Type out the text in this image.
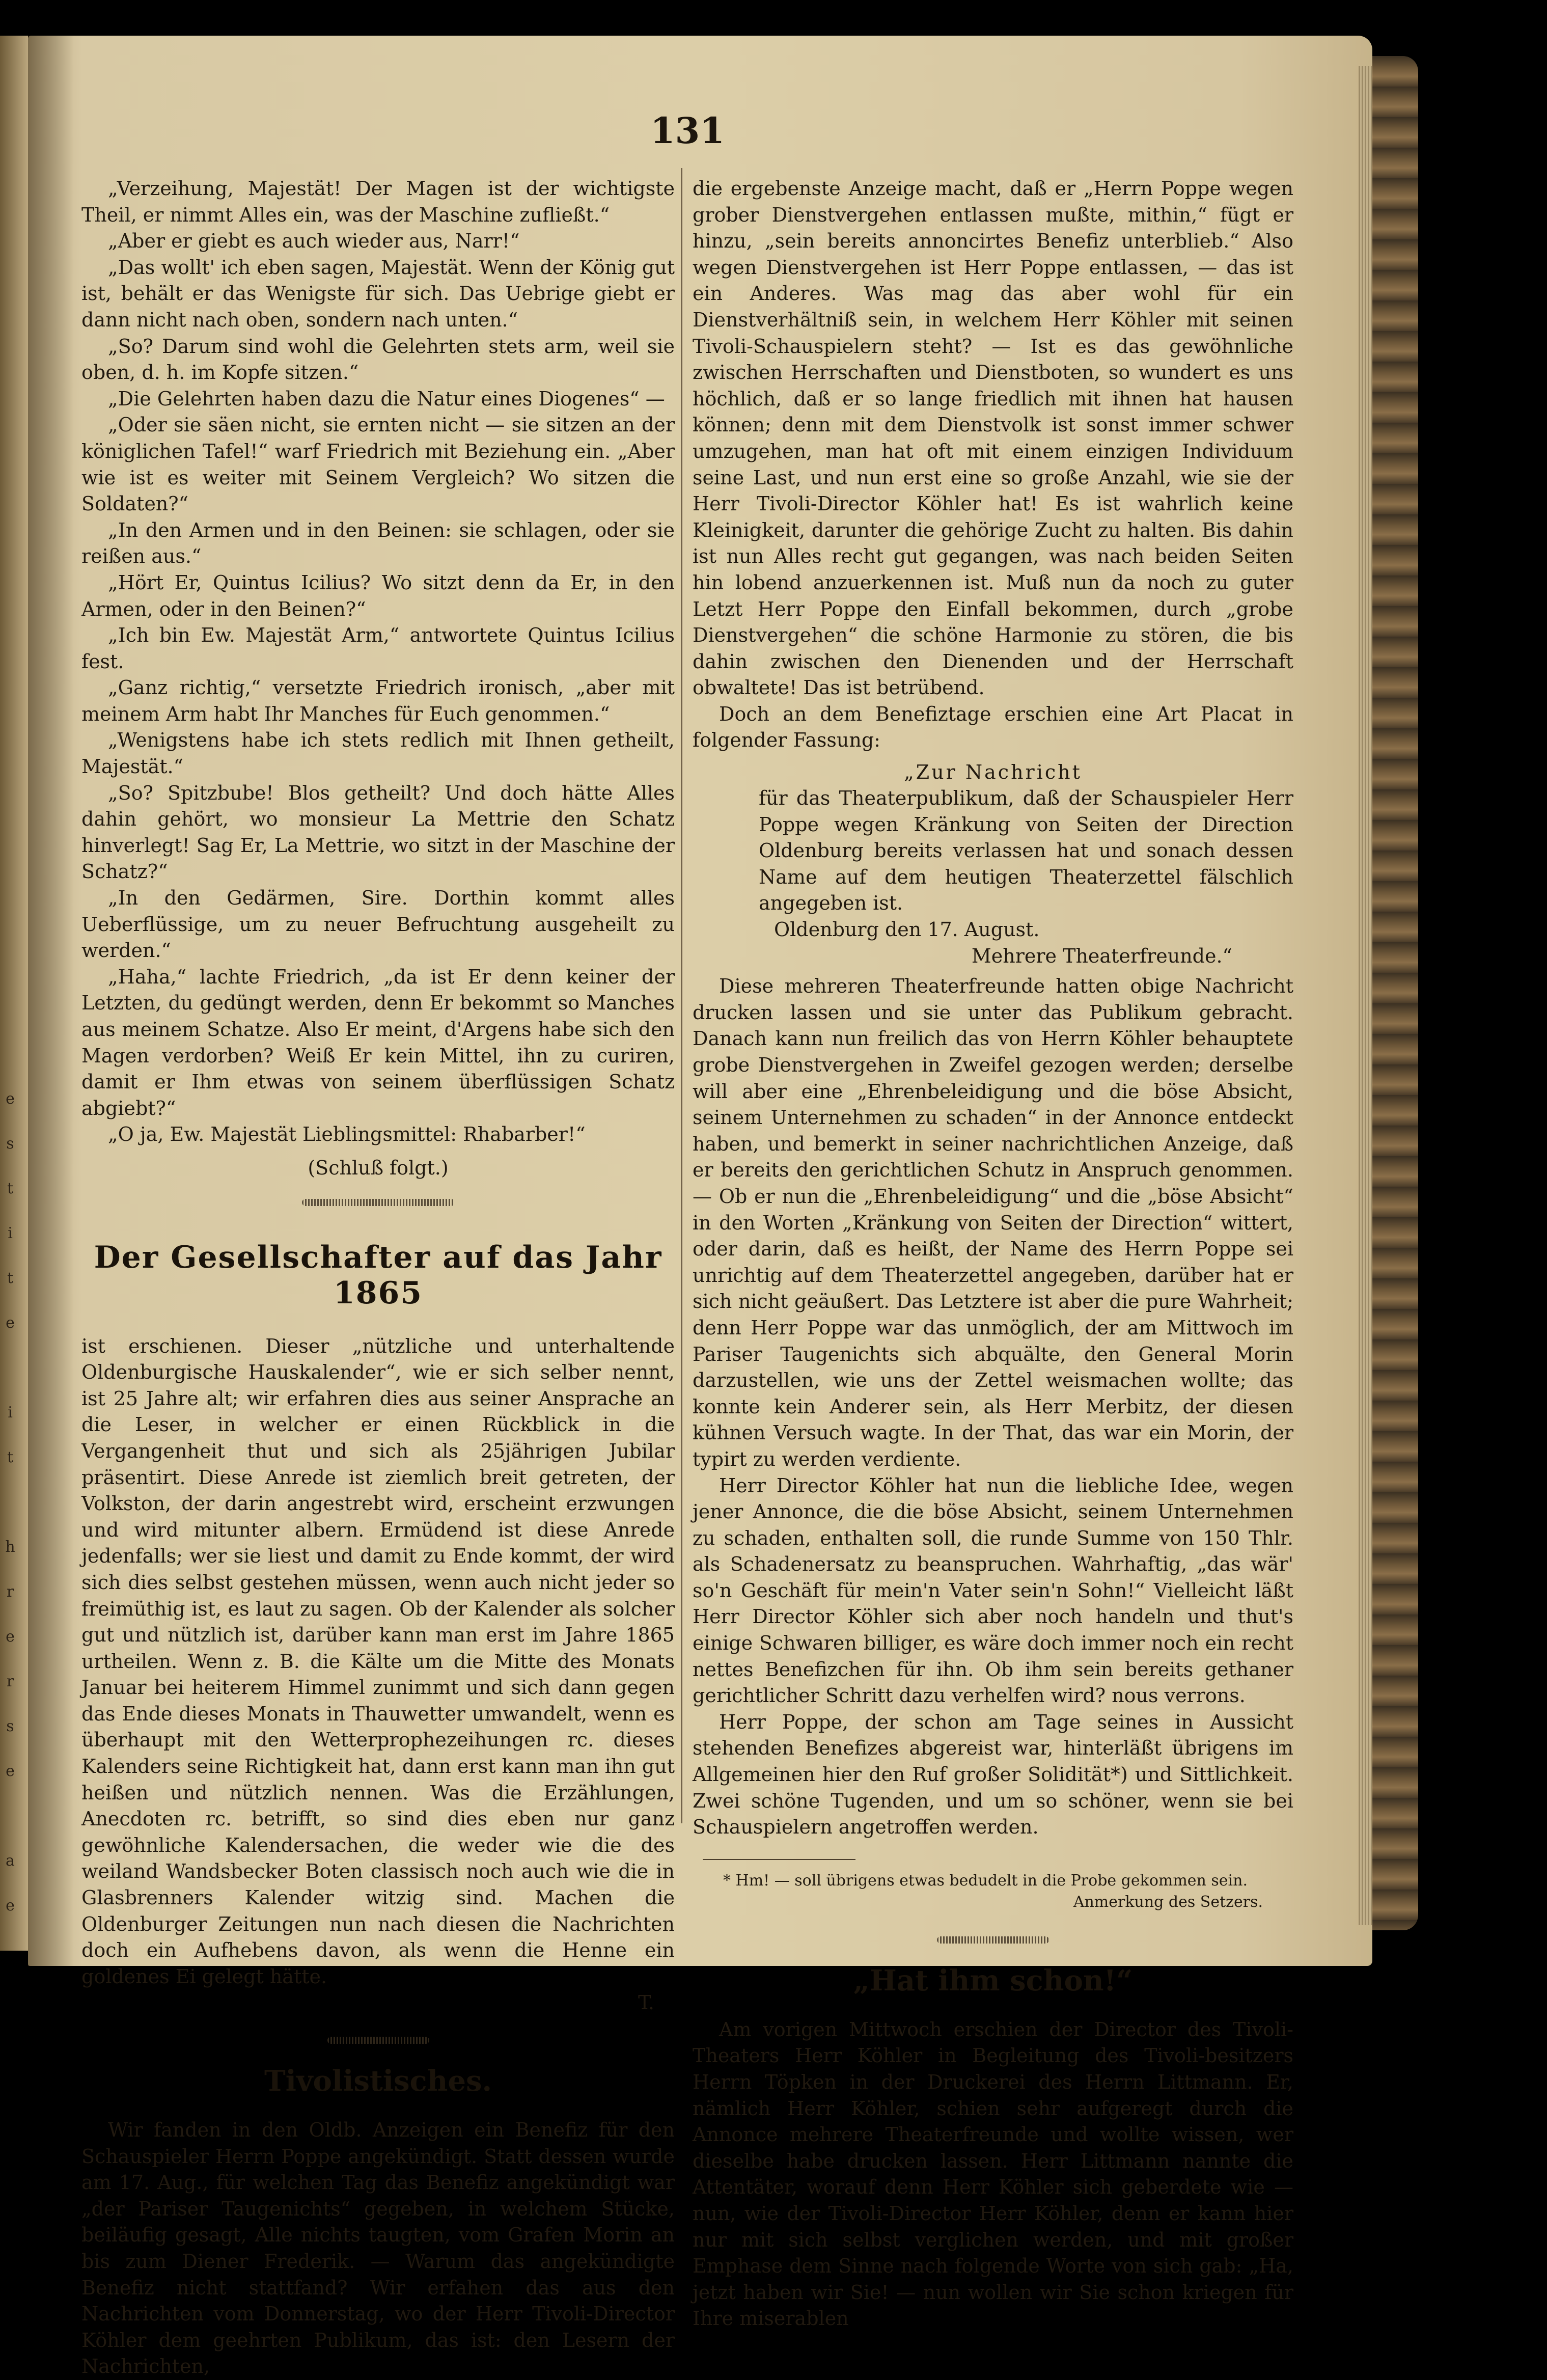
e
s
t
i
t
e
i
t
h
r
e
r
s
e
a
e
131

„Verzeihung, Majestät! Der Magen ist der wichtigste Theil, er nimmt Alles ein, was der Maschine zufließt.“

„Aber er giebt es auch wieder aus, Narr!“

„Das wollt' ich eben sagen, Majestät. Wenn der König gut ist, behält er das Wenigste für sich. Das Uebrige giebt er dann nicht nach oben, sondern nach unten.“

„So? Darum sind wohl die Gelehrten stets arm, weil sie oben, d. h. im Kopfe sitzen.“

„Die Gelehrten haben dazu die Natur eines Diogenes“ —

„Oder sie säen nicht, sie ernten nicht — sie sitzen an der königlichen Tafel!“ warf Friedrich mit Beziehung ein. „Aber wie ist es weiter mit Seinem Vergleich? Wo sitzen die Soldaten?“

„In den Armen und in den Beinen: sie schlagen, oder sie reißen aus.“

„Hört Er, Quintus Icilius? Wo sitzt denn da Er, in den Armen, oder in den Beinen?“

„Ich bin Ew. Majestät Arm,“ antwortete Quintus Icilius fest.

„Ganz richtig,“ versetzte Friedrich ironisch, „aber mit meinem Arm habt Ihr Manches für Euch genommen.“

„Wenigstens habe ich stets redlich mit Ihnen getheilt, Majestät.“

„So? Spitzbube! Blos getheilt? Und doch hätte Alles dahin gehört, wo monsieur La Mettrie den Schatz hinverlegt! Sag Er, La Mettrie, wo sitzt in der Maschine der Schatz?“

„In den Gedärmen, Sire. Dorthin kommt alles Ueberflüssige, um zu neuer Befruchtung ausgeheilt zu werden.“

„Haha,“ lachte Friedrich, „da ist Er denn keiner der Letzten, du gedüngt werden, denn Er bekommt so Manches aus meinem Schatze. Also Er meint, d'Argens habe sich den Magen verdorben? Weiß Er kein Mittel, ihn zu curiren, damit er Ihm etwas von seinem überflüssigen Schatz abgiebt?“

„O ja, Ew. Majestät Lieblingsmittel: Rhabarber!“

(Schluß folgt.)

Der Gesellschafter auf das Jahr 1865

ist erschienen. Dieser „nützliche und unterhaltende Oldenburgische Hauskalender“, wie er sich selber nennt, ist 25 Jahre alt; wir erfahren dies aus seiner Ansprache an die Leser, in welcher er einen Rückblick in die Vergangenheit thut und sich als 25jährigen Jubilar präsentirt. Diese Anrede ist ziemlich breit getreten, der Volkston, der darin angestrebt wird, erscheint erzwungen und wird mitunter albern. Ermüdend ist diese Anrede jedenfalls; wer sie liest und damit zu Ende kommt, der wird sich dies selbst gestehen müssen, wenn auch nicht jeder so freimüthig ist, es laut zu sagen. Ob der Kalender als solcher gut und nützlich ist, darüber kann man erst im Jahre 1865 urtheilen. Wenn z. B. die Kälte um die Mitte des Monats Januar bei heiterem Himmel zunimmt und sich dann gegen das Ende dieses Monats in Thauwetter umwandelt, wenn es überhaupt mit den Wetterprophezeihungen rc. dieses Kalenders seine Richtigkeit hat, dann erst kann man ihn gut heißen und nützlich nennen. Was die Erzählungen, Anecdoten rc. betrifft, so sind dies eben nur ganz gewöhnliche Kalendersachen, die weder wie die des weiland Wandsbecker Boten classisch noch auch wie die in Glasbrenners Kalender witzig sind. Machen die Oldenburger Zeitungen nun nach diesen die Nachrichten doch ein Aufhebens davon, als wenn die Henne ein goldenes Ei gelegt hätte.

T.

Tivolistisches.

Wir fanden in den Oldb. Anzeigen ein Benefiz für den Schauspieler Herrn Poppe angekündigt. Statt dessen wurde am 17. Aug., für welchen Tag das Benefiz angekündigt war „der Pariser Taugenichts“ gegeben, in welchem Stücke, beiläufig gesagt, Alle nichts taugten, vom Grafen Morin an bis zum Diener Frederik. — Warum das angekündigte Benefiz nicht stattfand? Wir erfahen das aus den Nachrichten vom Donnerstag, wo der Herr Tivoli-Director Köhler dem geehrten Publikum, das ist: den Lesern der Nachrichten,

die ergebenste Anzeige macht, daß er „Herrn Poppe wegen grober Dienstvergehen entlassen mußte, mithin,“ fügt er hinzu, „sein bereits annoncirtes Benefiz unterblieb.“ Also wegen Dienstvergehen ist Herr Poppe entlassen, — das ist ein Anderes. Was mag das aber wohl für ein Dienstverhältniß sein, in welchem Herr Köhler mit seinen Tivoli-Schauspielern steht? — Ist es das gewöhnliche zwischen Herrschaften und Dienstboten, so wundert es uns höchlich, daß er so lange friedlich mit ihnen hat hausen können; denn mit dem Dienstvolk ist sonst immer schwer umzugehen, man hat oft mit einem einzigen Individuum seine Last, und nun erst eine so große Anzahl, wie sie der Herr Tivoli-Director Köhler hat! Es ist wahrlich keine Kleinigkeit, darunter die gehörige Zucht zu halten. Bis dahin ist nun Alles recht gut gegangen, was nach beiden Seiten hin lobend anzuerkennen ist. Muß nun da noch zu guter Letzt Herr Poppe den Einfall bekommen, durch „grobe Dienstvergehen“ die schöne Harmonie zu stören, die bis dahin zwischen den Dienenden und der Herrschaft obwaltete! Das ist betrübend.

Doch an dem Benefiztage erschien eine Art Placat in folgender Fassung:

„Zur Nachricht

für das Theaterpublikum, daß der Schauspieler Herr Poppe wegen Kränkung von Seiten der Direction Oldenburg bereits verlassen hat und sonach dessen Name auf dem heutigen Theaterzettel fälschlich angegeben ist.

Oldenburg den 17. August.

Mehrere Theaterfreunde.“

Diese mehreren Theaterfreunde hatten obige Nachricht drucken lassen und sie unter das Publikum gebracht. Danach kann nun freilich das von Herrn Köhler behauptete grobe Dienstvergehen in Zweifel gezogen werden; derselbe will aber eine „Ehrenbeleidigung und die böse Absicht, seinem Unternehmen zu schaden“ in der Annonce entdeckt haben, und bemerkt in seiner nachrichtlichen Anzeige, daß er bereits den gerichtlichen Schutz in Anspruch genommen. — Ob er nun die „Ehrenbeleidigung“ und die „böse Absicht“ in den Worten „Kränkung von Seiten der Direction“ wittert, oder darin, daß es heißt, der Name des Herrn Poppe sei unrichtig auf dem Theaterzettel angegeben, darüber hat er sich nicht geäußert. Das Letztere ist aber die pure Wahrheit; denn Herr Poppe war das unmöglich, der am Mittwoch im Pariser Taugenichts sich abquälte, den General Morin darzustellen, wie uns der Zettel weismachen wollte; das konnte kein Anderer sein, als Herr Merbitz, der diesen kühnen Versuch wagte. In der That, das war ein Morin, der typirt zu werden verdiente.

Herr Director Köhler hat nun die liebliche Idee, wegen jener Annonce, die die böse Absicht, seinem Unternehmen zu schaden, enthalten soll, die runde Summe von 150 Thlr. als Schadenersatz zu beanspruchen. Wahrhaftig, „das wär' so'n Geschäft für mein'n Vater sein'n Sohn!“ Vielleicht läßt Herr Director Köhler sich aber noch handeln und thut's einige Schwaren billiger, es wäre doch immer noch ein recht nettes Benefizchen für ihn. Ob ihm sein bereits gethaner gerichtlicher Schritt dazu verhelfen wird? nous verrons.

Herr Poppe, der schon am Tage seines in Aussicht stehenden Benefizes abgereist war, hinterläßt übrigens im Allgemeinen hier den Ruf großer Solidität*) und Sittlichkeit. Zwei schöne Tugenden, und um so schöner, wenn sie bei Schauspielern angetroffen werden.

* Hm! — soll übrigens etwas bedudelt in die Probe gekommen sein.

Anmerkung des Setzers.

„Hat ihm schon!“

Am vorigen Mittwoch erschien der Director des Tivoli-Theaters Herr Köhler in Begleitung des Tivoli-besitzers Herrn Töpken in der Druckerei des Herrn Littmann. Er, nämlich Herr Köhler, schien sehr aufgeregt durch die Annonce mehrere Theaterfreunde und wollte wissen, wer dieselbe habe drucken lassen. Herr Littmann nannte die Attentäter, worauf denn Herr Köhler sich geberdete wie — nun, wie der Tivoli-Director Herr Köhler, denn er kann hier nur mit sich selbst verglichen werden, und mit großer Emphase dem Sinne nach folgende Worte von sich gab: „Ha, jetzt haben wir Sie! — nun wollen wir Sie schon kriegen für Ihre miserablen
